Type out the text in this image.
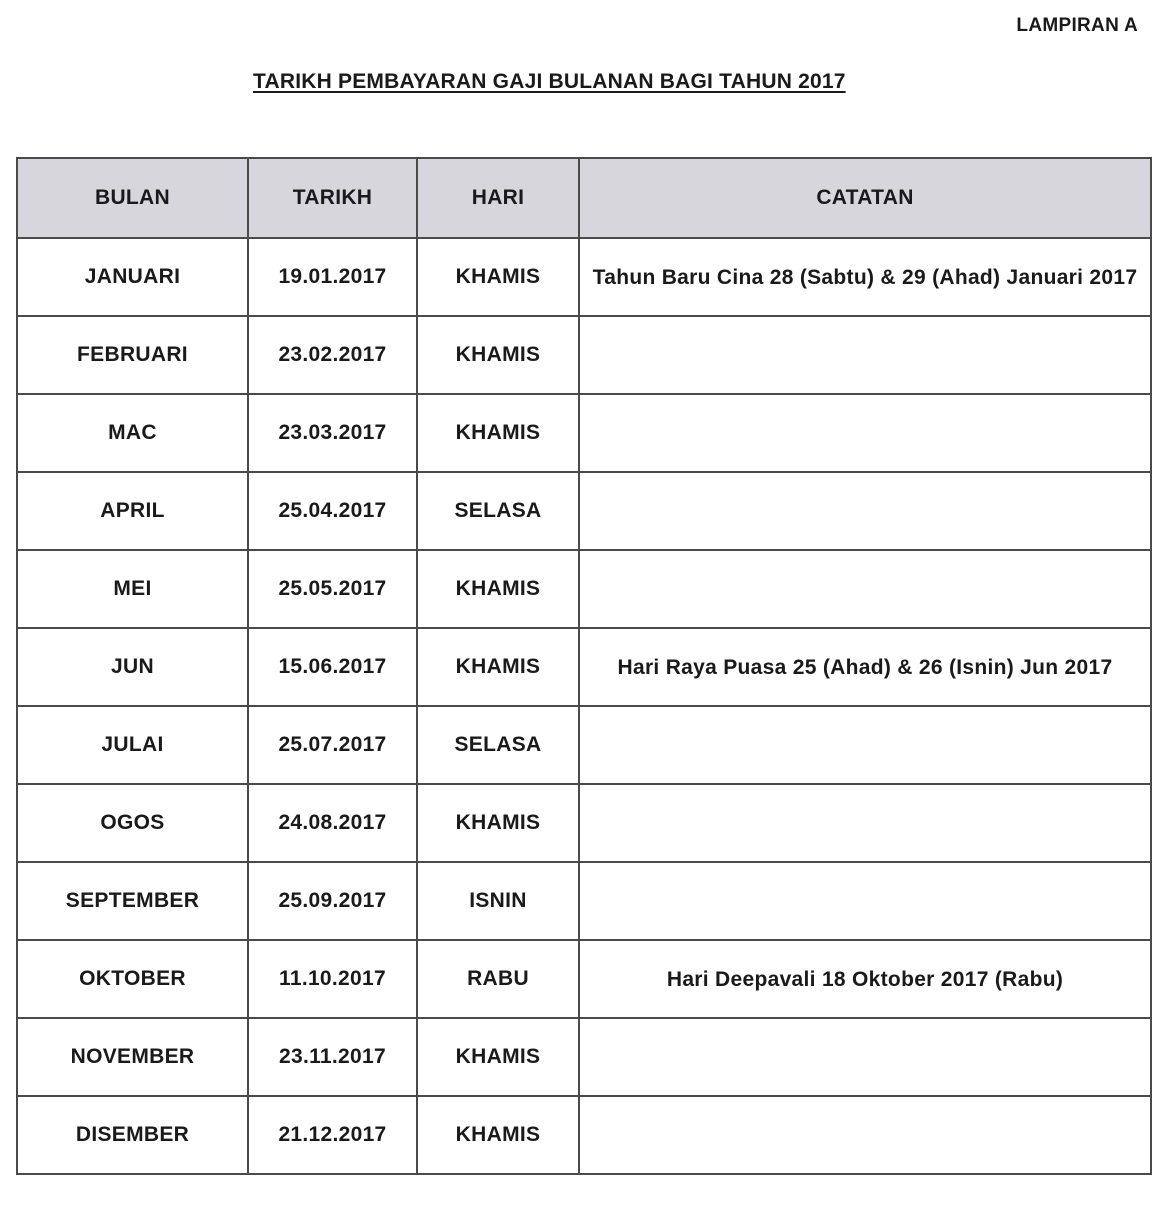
LAMPIRAN A
TARIKH PEMBAYARAN GAJI BULANAN BAGI TAHUN 2017
BULAN	TARIKH	HARI	CATATAN
JANUARI	19.01.2017	KHAMIS	Tahun Baru Cina 28 (Sabtu) & 29 (Ahad) Januari 2017
FEBRUARI	23.02.2017	KHAMIS	
MAC	23.03.2017	KHAMIS	
APRIL	25.04.2017	SELASA	
MEI	25.05.2017	KHAMIS	
JUN	15.06.2017	KHAMIS	Hari Raya Puasa 25 (Ahad) & 26 (Isnin) Jun 2017
JULAI	25.07.2017	SELASA	
OGOS	24.08.2017	KHAMIS	
SEPTEMBER	25.09.2017	ISNIN	
OKTOBER	11.10.2017	RABU	Hari Deepavali 18 Oktober 2017 (Rabu)
NOVEMBER	23.11.2017	KHAMIS	
DISEMBER	21.12.2017	KHAMIS	
